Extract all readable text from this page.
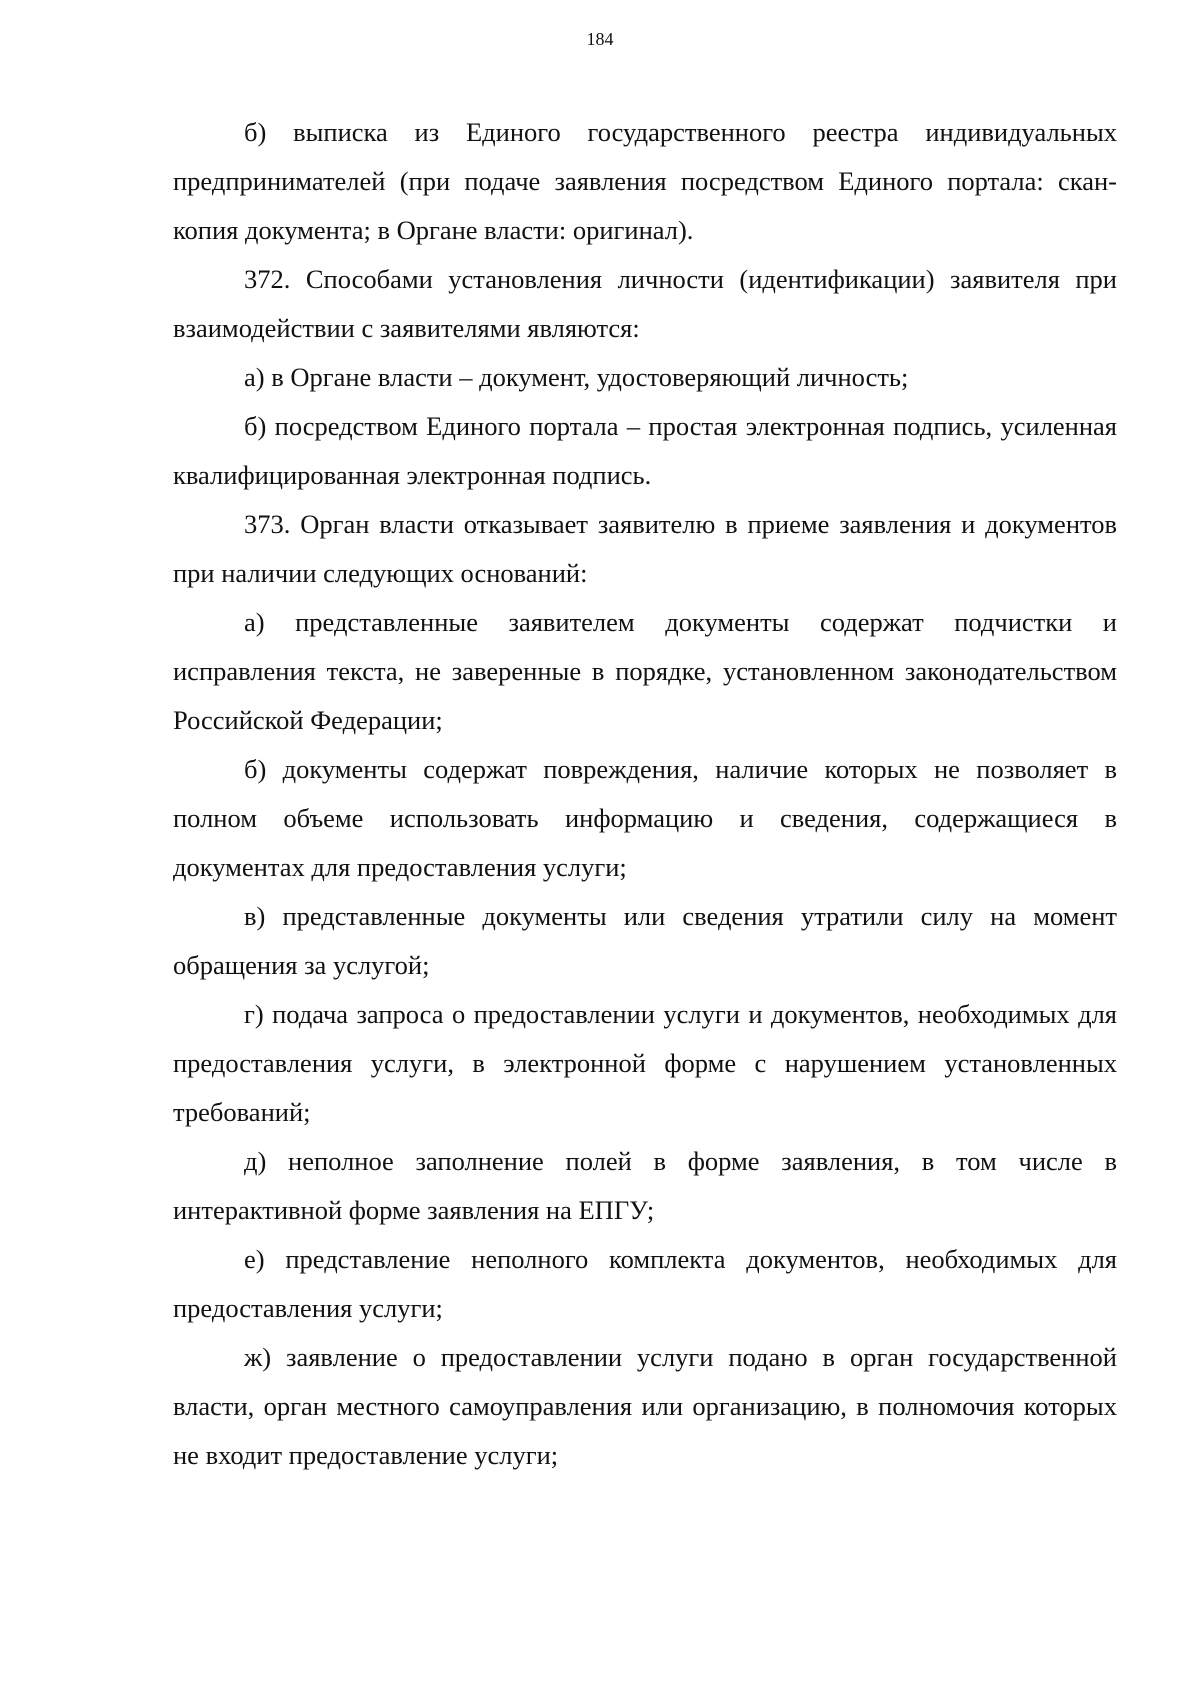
184

б) выписка из Единого государственного реестра индивидуальных предпринимателей (при подаче заявления посредством Единого портала: скан-копия документа; в Органе власти: оригинал).

372. Способами установления личности (идентификации) заявителя при взаимодействии с заявителями являются:

а) в Органе власти – документ, удостоверяющий личность;

б) посредством Единого портала – простая электронная подпись, усиленная квалифицированная электронная подпись.

373. Орган власти отказывает заявителю в приеме заявления и документов при наличии следующих оснований:

а) представленные заявителем документы содержат подчистки и исправления текста, не заверенные в порядке, установленном законодательством Российской Федерации;

б) документы содержат повреждения, наличие которых не позволяет в полном объеме использовать информацию и сведения, содержащиеся в документах для предоставления услуги;

в) представленные документы или сведения утратили силу на момент обращения за услугой;

г) подача запроса о предоставлении услуги и документов, необходимых для предоставления услуги, в электронной форме с нарушением установленных требований;

д) неполное заполнение полей в форме заявления, в том числе в интерактивной форме заявления на ЕПГУ;

е) представление неполного комплекта документов, необходимых для предоставления услуги;

ж) заявление о предоставлении услуги подано в орган государственной власти, орган местного самоуправления или организацию, в полномочия которых не входит предоставление услуги;
